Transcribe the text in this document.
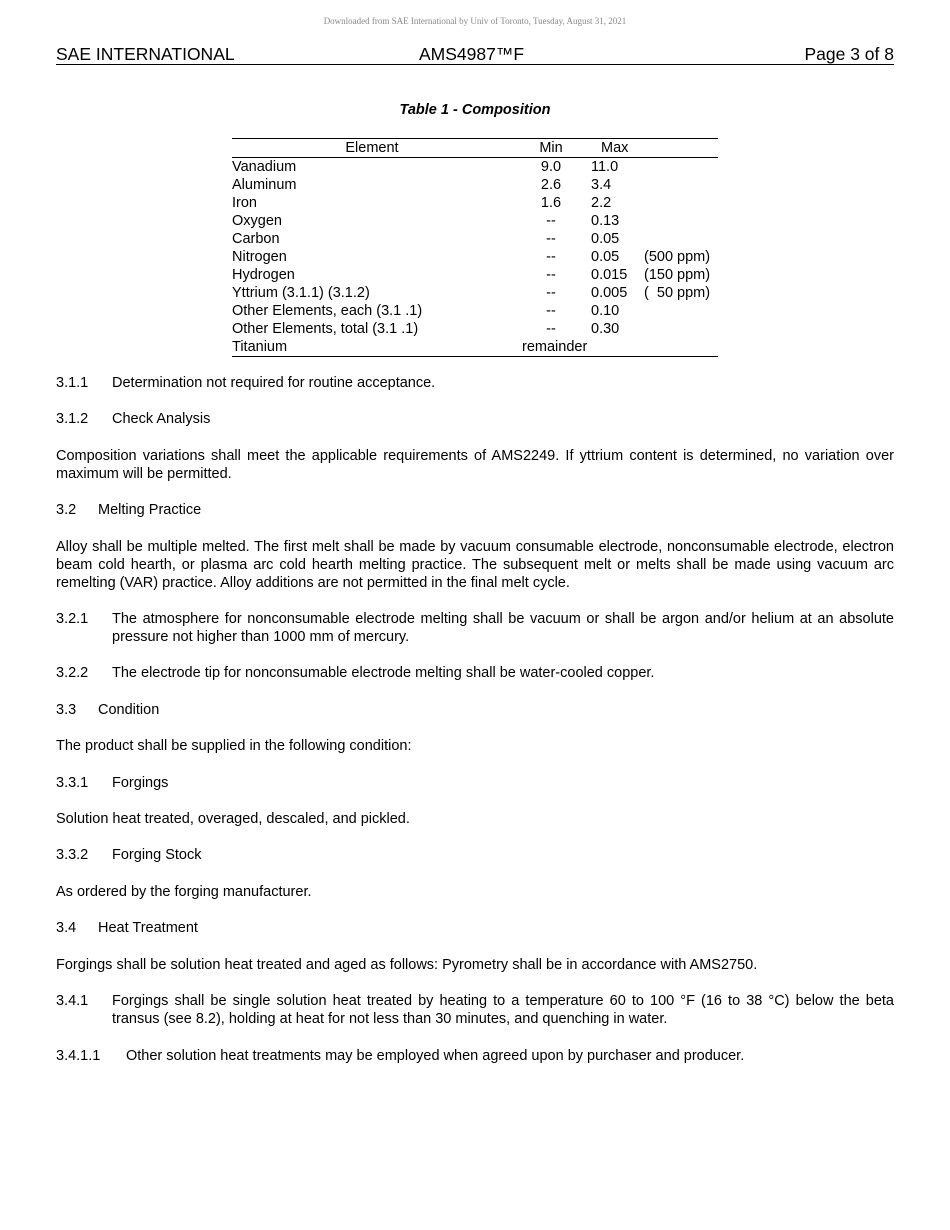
Downloaded from SAE International by Univ of Toronto, Tuesday, August 31, 2021
SAE INTERNATIONAL	AMS4987™F	Page 3 of 8
Table 1 - Composition
Element	Min	Max
Vanadium	9.0	11.0
Aluminum	2.6	3.4
Iron	1.6	2.2
Oxygen	--	0.13
Carbon	--	0.05
Nitrogen	--	0.05 (500 ppm)
Hydrogen	--	0.015 (150 ppm)
Yttrium (3.1.1) (3.1.2)	--	0.005 (  50 ppm)
Other Elements, each (3.1 .1)	--	0.10
Other Elements, total (3.1 .1)	--	0.30
Titanium	remainder
3.1.1 Determination not required for routine acceptance.
3.1.2 Check Analysis

Composition variations shall meet the applicable requirements of AMS2249. If yttrium content is determined, no variation over maximum will be permitted.

3.2 Melting Practice

Alloy shall be multiple melted. The first melt shall be made by vacuum consumable electrode, nonconsumable electrode, electron beam cold hearth, or plasma arc cold hearth melting practice. The subsequent melt or melts shall be made using vacuum arc remelting (VAR) practice. Alloy additions are not permitted in the final melt cycle.

3.2.1 The atmosphere for nonconsumable electrode melting shall be vacuum or shall be argon and/or helium at an absolute pressure not higher than 1000 mm of mercury.
3.2.2 The electrode tip for nonconsumable electrode melting shall be water-cooled copper.
3.3 Condition

The product shall be supplied in the following condition:

3.3.1 Forgings

Solution heat treated, overaged, descaled, and pickled.

3.3.2 Forging Stock

As ordered by the forging manufacturer.

3.4 Heat Treatment

Forgings shall be solution heat treated and aged as follows: Pyrometry shall be in accordance with AMS2750.

3.4.1 Forgings shall be single solution heat treated by heating to a temperature 60 to 100 °F (16 to 38 °C) below the beta transus (see 8.2), holding at heat for not less than 30 minutes, and quenching in water.
3.4.1.1 Other solution heat treatments may be employed when agreed upon by purchaser and producer.
